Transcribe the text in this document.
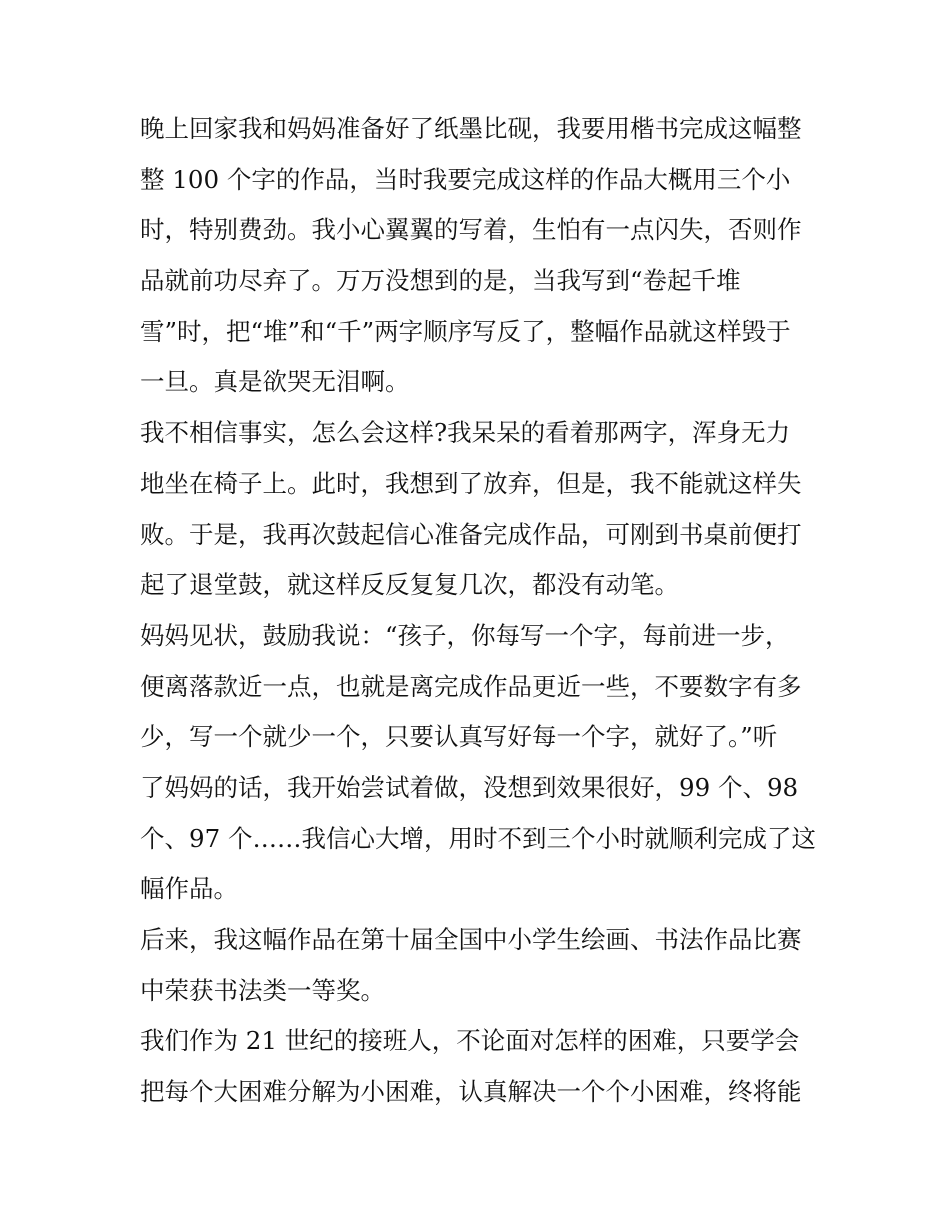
晚上回家我和妈妈准备好了纸墨比砚，我要用楷书完成这幅整
整 100 个字的作品，当时我要完成这样的作品大概用三个小
时，特别费劲。我小心翼翼的写着，生怕有一点闪失，否则作
品就前功尽弃了。万万没想到的是，当我写到“卷起千堆
雪”时，把“堆”和“千”两字顺序写反了，整幅作品就这样毁于
一旦。真是欲哭无泪啊。
我不相信事实，怎么会这样?我呆呆的看着那两字，浑身无力
地坐在椅子上。此时，我想到了放弃，但是，我不能就这样失
败。于是，我再次鼓起信心准备完成作品，可刚到书桌前便打
起了退堂鼓，就这样反反复复几次，都没有动笔。
妈妈见状，鼓励我说：“孩子，你每写一个字，每前进一步，
便离落款近一点，也就是离完成作品更近一些，不要数字有多
少，写一个就少一个，只要认真写好每一个字，就好了。”听
了妈妈的话，我开始尝试着做，没想到效果很好，99 个、98
个、97 个……我信心大增，用时不到三个小时就顺利完成了这
幅作品。
后来，我这幅作品在第十届全国中小学生绘画、书法作品比赛
中荣获书法类一等奖。
我们作为 21 世纪的接班人，不论面对怎样的困难，只要学会
把每个大困难分解为小困难，认真解决一个个小困难，终将能
